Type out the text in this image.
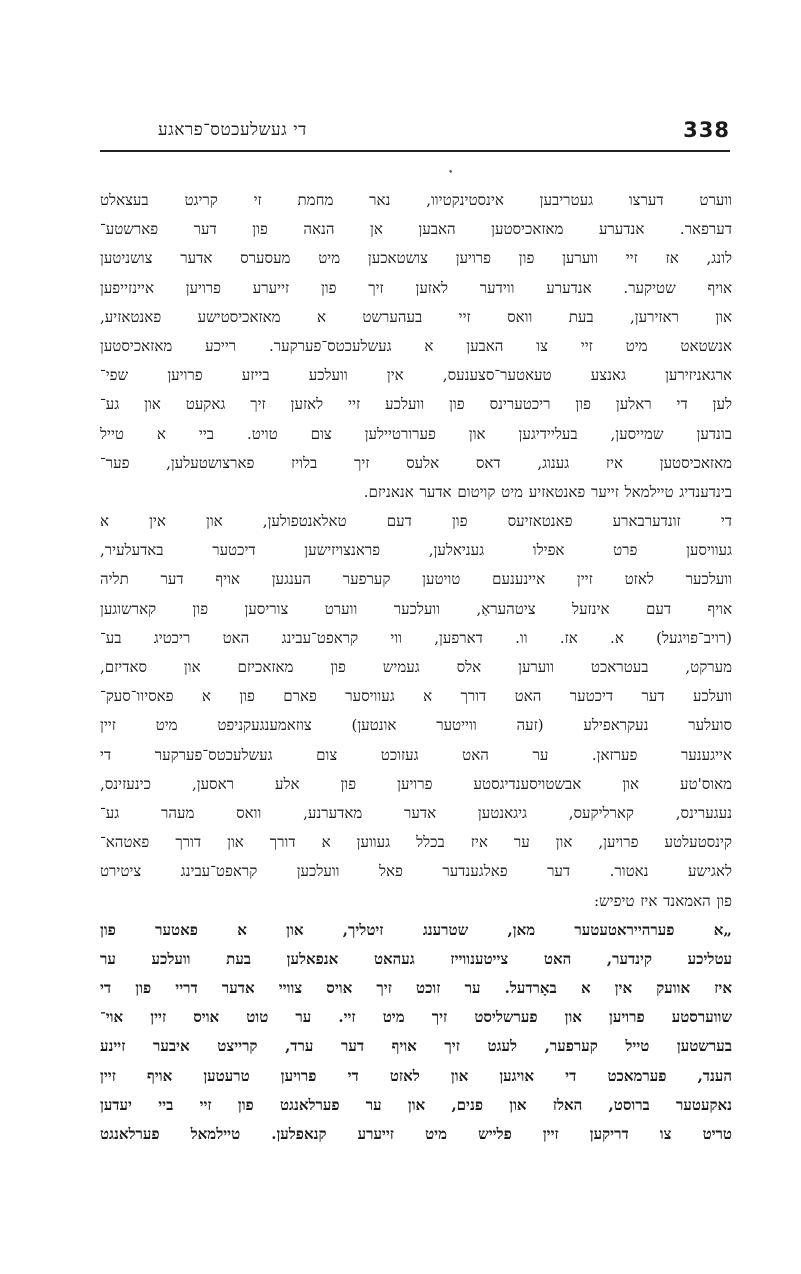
338
די געשלעכטס־פראגע
•
ווערט דערצו געטריבען אינסטינקטיוו, נאר מחמת זי קריגט בעצאלט
דערפאר. אנדערע מאזאכיסטען האבען אן הנאה פון דער פארשטע־
לונג, אז זיי ווערען פון פרויען צושטאכען מיט מעסערס אדער צושניטען
אויף שטיקער. אנדערע ווידער לאזען זיך פון זייערע פרויען איינזייפען
און ראזירען, בעת וואס זיי בעהערשט א מאזאכיסטישע פאנטאזיע,
אנשטאט מיט זיי צו האבען א געשלעכטס־פערקער. רייכע מאזאכיסטען
ארגאניזירען גאנצע טעאטער־סצענעס, אין וועלכע בייזע פרויען שפי־
לען די ראלען פון ריכטערינס פון וועלכע זיי לאזען זיך גאקעט און גע־
בונדען שמייסען, בעליידיגען און פערורטיילען צום טויט. ביי א טייל
מאזאכיסטען איז גענוג, דאס אלעס זיך בלויז פארצושטעלען, פער־
בינדענדיג טיילמאל זייער פאנטאזיע מיט קויטום אדער אנאניזם.
די זונדערבארע פאנטאזיעס פון דעם טאלאנטפולען, און אין א
געוויסען פרט אפילו געניאלען, פראנצויזישען דיכטער באדעלעיר,
וועלכער לאזט זיין איינענעם טויטען קערפער הענגען אויף דער תליה
אויף דעם אינזעל ציטהעראַ, וועלכער ווערט צוריסען פון קארשוגען
(רויב־פויגעל) א. אז. וו. דארפען, ווי קראפט־עבינג האט ריכטיג בע־
מערקט, בעטראכט ווערען אלס געמיש פון מאזאכיזם און סאדיזם,
וועלכע דער דיכטער האט דורך א געוויסער פארם פון א פאסיוו־סעק־
סועלער נעקראפילע (זעה ווייטער אונטען) צוזאמענגעקניפט מיט זיין
אייגענער פערזאן. ער האט געזוכט צום געשלעכטס־פערקער די
מאוס'טע און אבשטויסענדיגסטע פרויען פון אלע ראסען, כינעזינס,
נעגערינס, קארליקעס, גיגאנטען אדער מאדערנע, וואס מעהר גע־
קינסטעלטע פרויען, און ער איז בכלל געווען א דורך און דורך פאטהא־
לאגישע נאטור. דער פאלגענדער פאל וועלכען קראפט־עבינג ציטירט
פון האמאנד איז טיפיש:
„א פערהייראטעטער מאן, שטרענג זיטליך, און א פאטער פון
עטליכע קינדער, האט צייטענווייז געהאט אנפאלען בעת וועלכע ער
איז אוועק אין א באָרדעל. ער זוכט זיך אויס צוויי אדער דריי פון די
שווערסטע פרויען און פערשליסט זיך מיט זיי. ער טוט אויס זיין אוי־
בערשטען טייל קערפער, לעגט זיך אויף דער ערד, קרייצט איבער זיינע
הענד, פערמאכט די אויגען און לאזט די פרויען טרעטען אויף זיין
נאקעטער ברוסט, האלז און פנים, און ער פערלאנגט פון זיי ביי יעדען
טריט צו דריקען זיין פלייש מיט זייערע קנאפלען. טיילמאל פערלאנגט
